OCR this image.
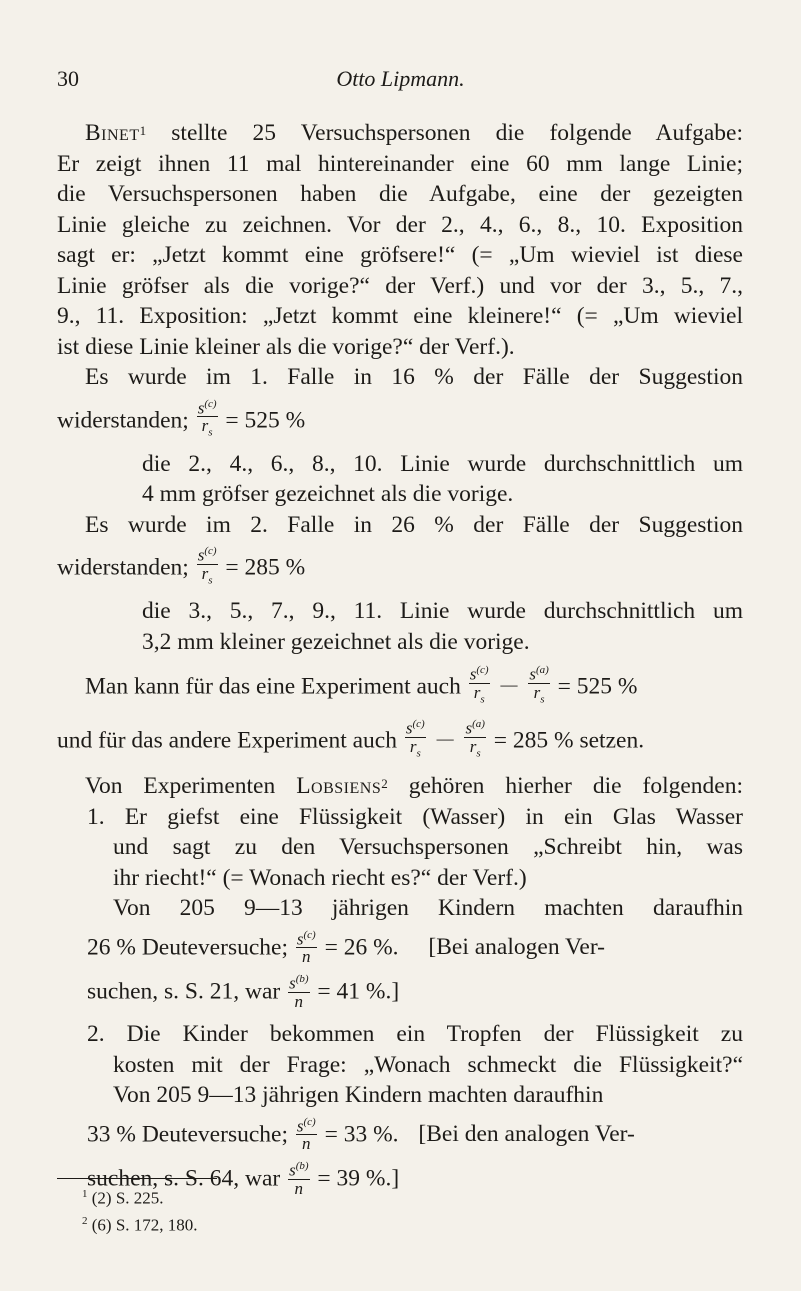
30	Otto Lipmann.
Binet$^1$ stellte 25 Versuchspersonen die folgende Aufgabe:
Er zeigt ihnen 11 mal hintereinander eine 60 mm lange Linie;
die Versuchspersonen haben die Aufgabe, eine der gezeigten
Linie gleiche zu zeichnen. Vor der 2., 4., 6., 8., 10. Exposition
sagt er: „Jetzt kommt eine gröfsere!“ (= „Um wieviel ist diese
Linie gröfser als die vorige?“ der Verf.) und vor der 3., 5., 7.,
9., 11. Exposition: „Jetzt kommt eine kleinere!“ (= „Um wieviel
ist diese Linie kleiner als die vorige?“ der Verf.).
Es wurde im 1. Falle in 16 % der Fälle der Suggestion
widerstanden; $\frac{s^{(c)}}{r_s} = 525$ %
die 2., 4., 6., 8., 10. Linie wurde durchschnittlich um
4 mm gröfser gezeichnet als die vorige.
Es wurde im 2. Falle in 26 % der Fälle der Suggestion
widerstanden; $\frac{s^{(c)}}{r_s} = 285$ %
die 3., 5., 7., 9., 11. Linie wurde durchschnittlich um
3,2 mm kleiner gezeichnet als die vorige.
Man kann für das eine Experiment auch $\frac{s^{(c)}}{r_s}$ — $\frac{s^{(a)}}{r_s} = 525$ %
und für das andere Experiment auch $\frac{s^{(c)}}{r_s}$ — $\frac{s^{(a)}}{r_s} = 285$ % setzen.
Von Experimenten Lobsiens$^2$ gehören hierher die folgenden:
1. Er giefst eine Flüssigkeit (Wasser) in ein Glas Wasser
und sagt zu den Versuchspersonen „Schreibt hin, was
ihr riecht!“ (= Wonach riecht es?“ der Verf.)
Von 205 9—13 jährigen Kindern machten daraufhin
26 % Deuteversuche; $\frac{s^{(c)}}{n} = 26$ %. [Bei analogen Ver-
suchen, s. S. 21, war $\frac{s^{(b)}}{n} = 41$ %.]
2. Die Kinder bekommen ein Tropfen der Flüssigkeit zu
kosten mit der Frage: „Wonach schmeckt die Flüssigkeit?“
Von 205 9—13 jährigen Kindern machten daraufhin
33 % Deuteversuche; $\frac{s^{(c)}}{n} = 33$ %. [Bei den analogen Ver-
suchen, s. S. 64, war $\frac{s^{(b)}}{n} = 39$ %.]
$^1$ (2) S. 225.
$^2$ (6) S. 172, 180.
